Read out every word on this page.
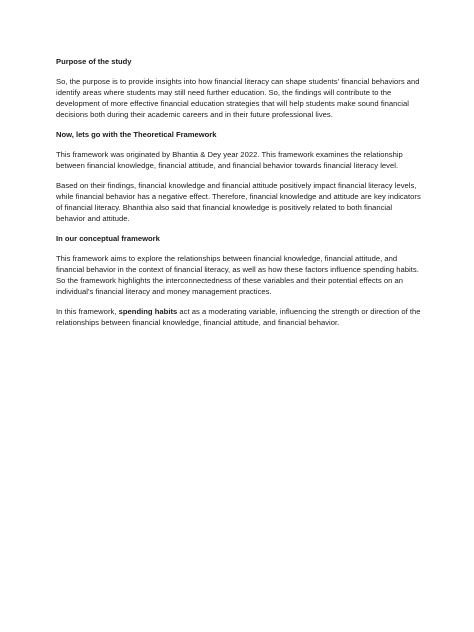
Purpose of the study

So, the purpose is to provide insights into how financial literacy can shape students' financial behaviors and identify areas where students may still need further education. So, the findings will contribute to the development of more effective financial education strategies that will help students make sound financial decisions both during their academic careers and in their future professional lives.

Now, lets go with the Theoretical Framework

This framework was originated by Bhantia & Dey year 2022. This framework examines the relationship between financial knowledge, financial attitude, and financial behavior towards financial literacy level.

Based on their findings, financial knowledge and financial attitude positively impact financial literacy levels, while financial behavior has a negative effect. Therefore, financial knowledge and attitude are key indicators of financial literacy. Bhanthia also said that financial knowledge is positively related to both financial behavior and attitude.

In our conceptual framework

This framework aims to explore the relationships between financial knowledge, financial attitude, and financial behavior in the context of financial literacy, as well as how these factors influence spending habits. So the framework highlights the interconnectedness of these variables and their potential effects on an individual's financial literacy and money management practices.

In this framework, spending habits act as a moderating variable, influencing the strength or direction of the relationships between financial knowledge, financial attitude, and financial behavior.
